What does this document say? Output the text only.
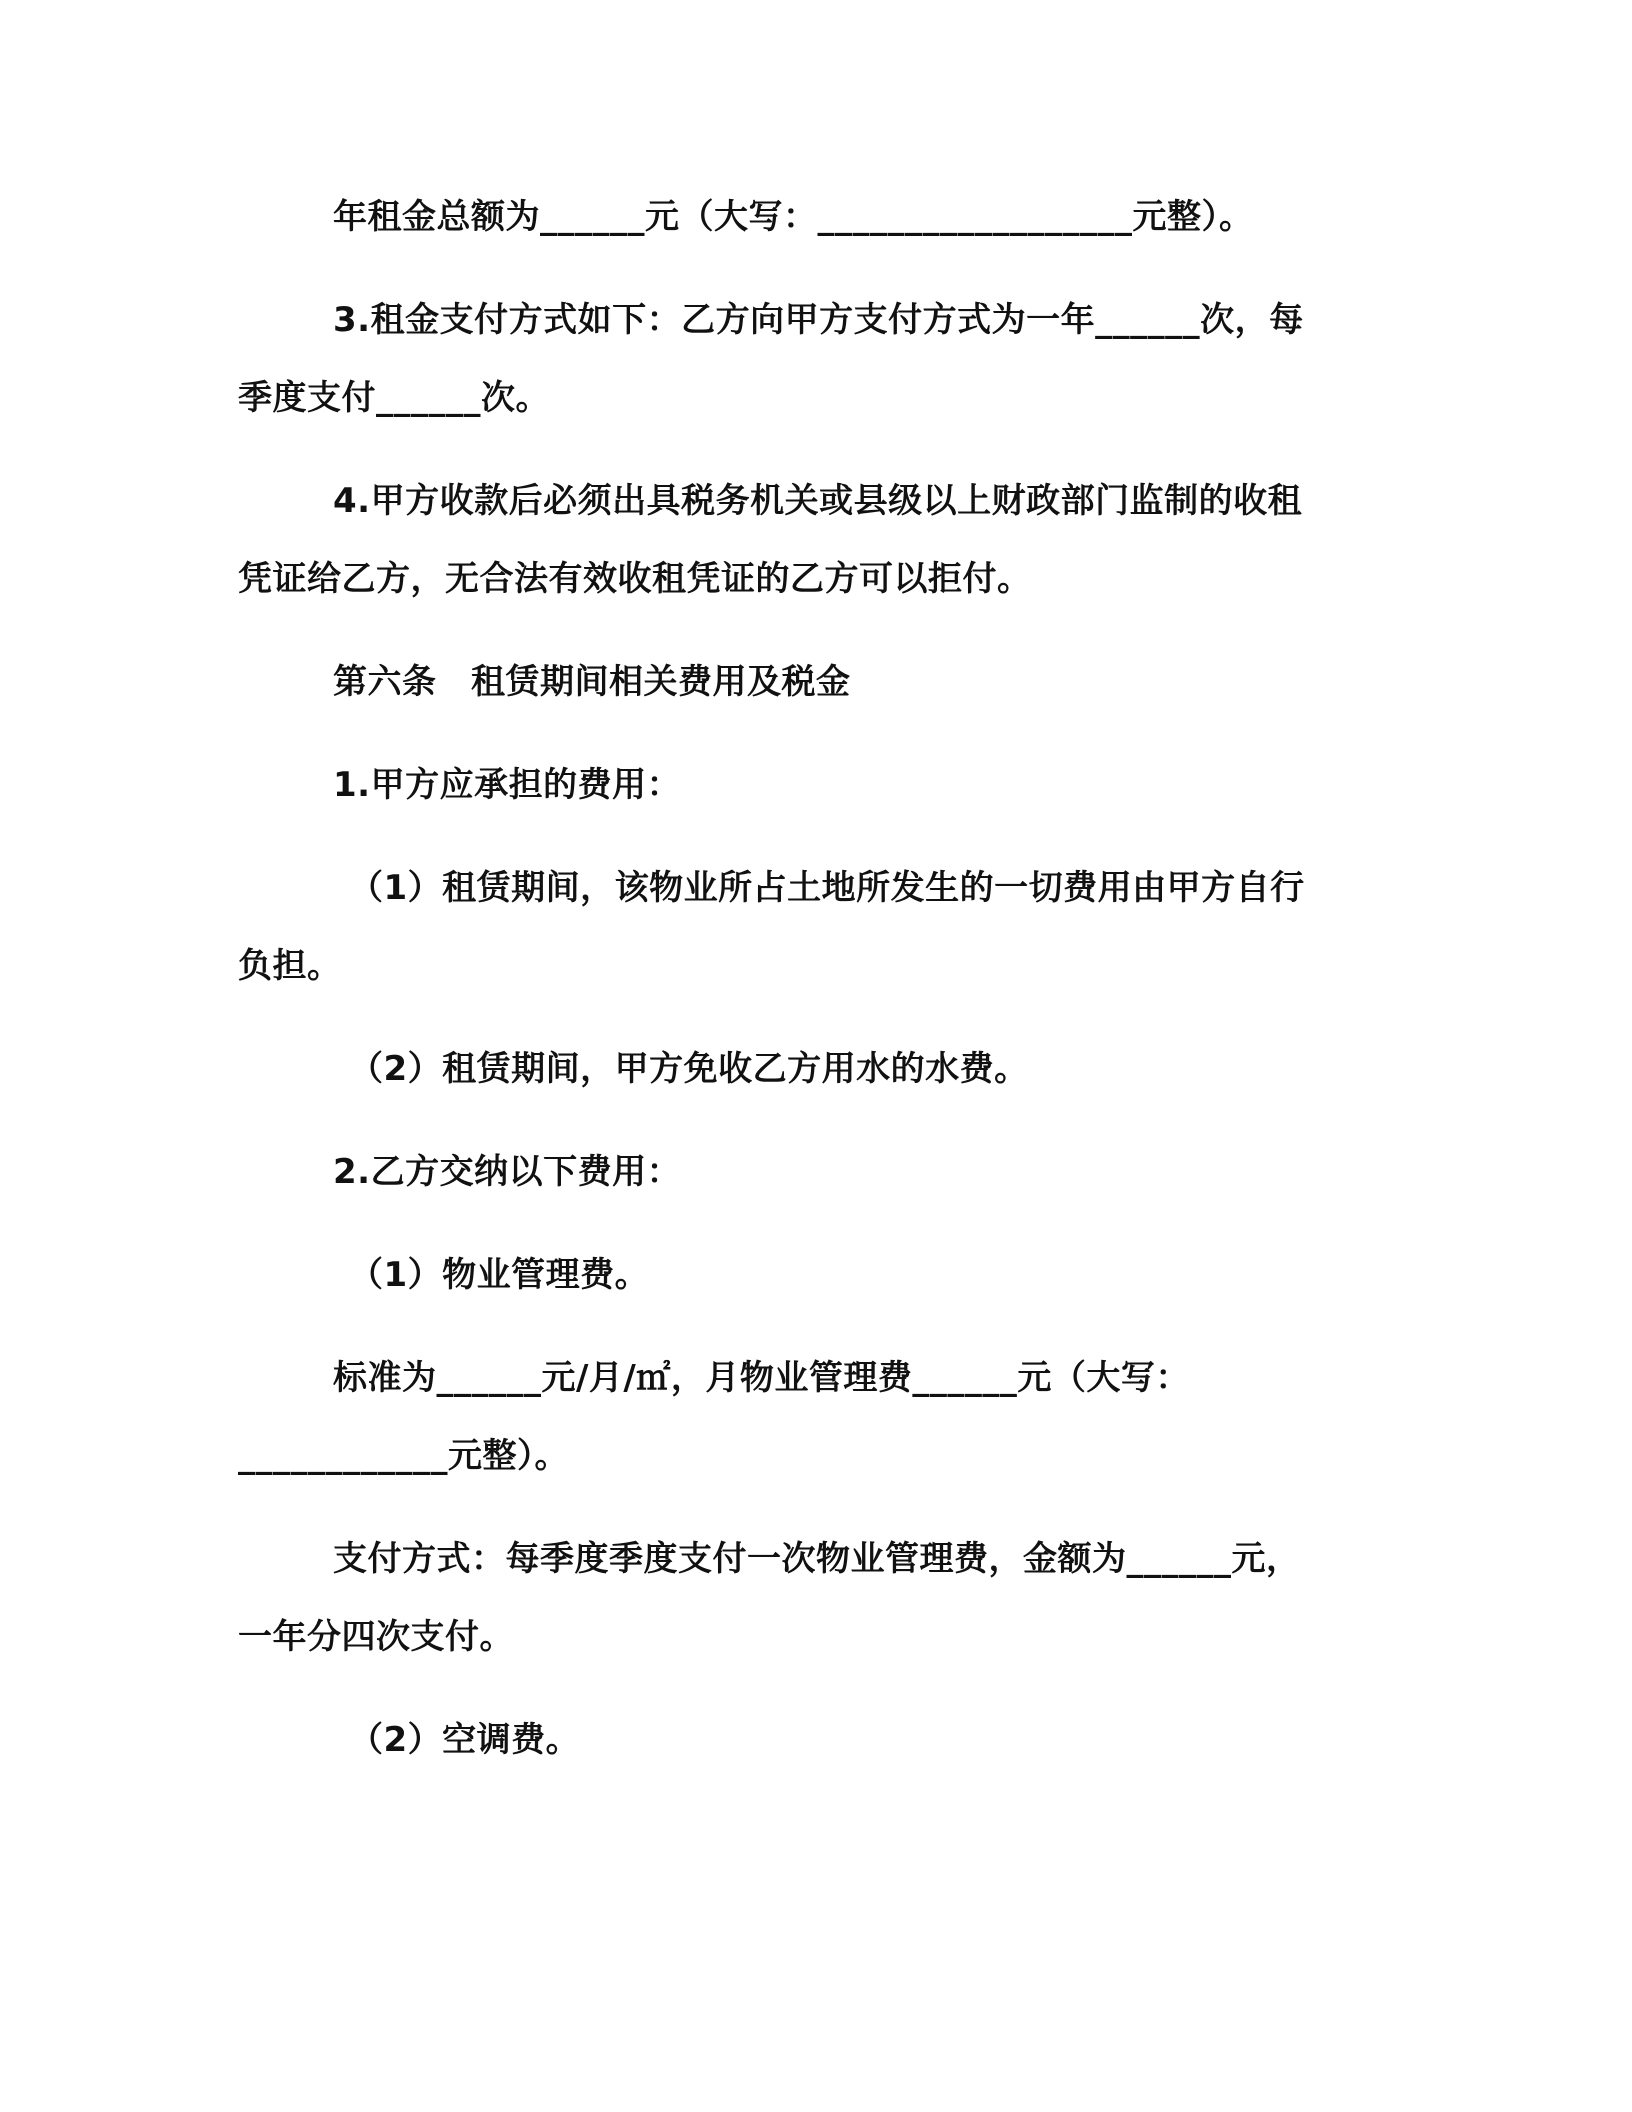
年租金总额为______元（大写：__________________元整）。
3.租金支付方式如下：乙方向甲方支付方式为一年______次，每
季度支付______次。
4.甲方收款后必须出具税务机关或县级以上财政部门监制的收租
凭证给乙方，无合法有效收租凭证的乙方可以拒付。
第六条　租赁期间相关费用及税金
1.甲方应承担的费用：
（1）租赁期间，该物业所占土地所发生的一切费用由甲方自行
负担。
（2）租赁期间，甲方免收乙方用水的水费。
2.乙方交纳以下费用：
（1）物业管理费。
标准为______元/月/㎡，月物业管理费______元（大写：
____________元整）。
支付方式：每季度季度支付一次物业管理费，金额为______元，
一年分四次支付。
（2）空调费。
